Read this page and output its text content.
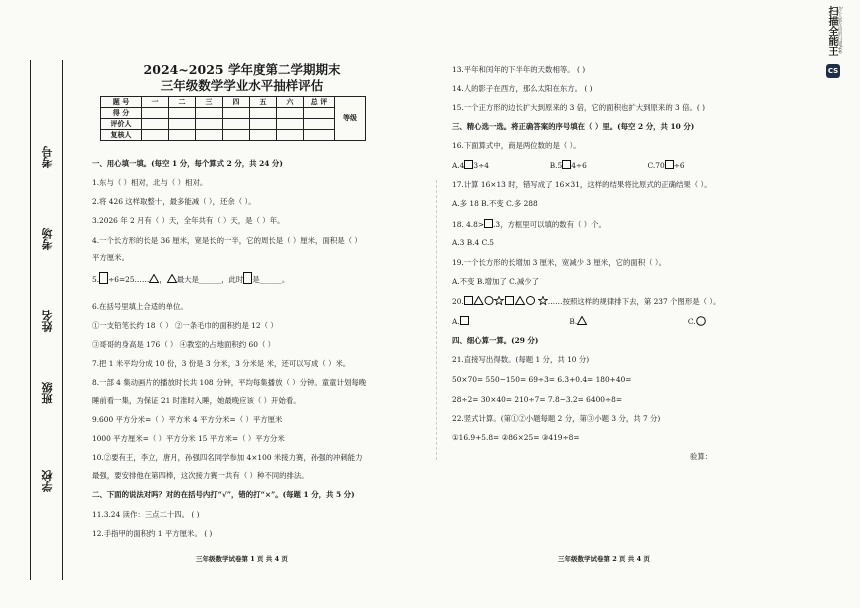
考号
考场
姓名
班级
学校
2024~2025 学年度第二学期期末
三年级数学学业水平抽样评估
题 号	一	二	三	四	五	六	总 评	等级
得 分								
评价人								
复核人								
一、用心填一填。(每空 1 分，每个算式 2 分，共 24 分)
1.东与（ ）相对，北与（ ）相对。
2.将 426 这样取整十，最多能减（ ），还余（ ）。
3.2026 年 2 月有（ ）天，全年共有（ ）天，是（ ）年。
4.一个长方形的长是 36 厘米，宽是长的一半，它的周长是（ ）厘米，面积是（ ）
平方厘米。
5. ÷6=25…… ， 最大是______，此时 是______。
6.在括号里填上合适的单位。
①一支铅笔长约 18（ ） ②一条毛巾的面积约是 12（ ）
③哥哥的身高是 176（ ） ④教室的占地面积约 60（ ）
7.把 1 米平均分成 10 份，3 份是 3 分米，3 分米是 米，还可以写成（ ）米。
8.一部 4 集动画片的播放时长共 108 分钟，平均每集播放（ ）分钟。童童计划每晚
睡前看一集，为保证 21 时准时入睡，她最晚应该（ ）开始看。
9.600 平方分米=（ ）平方米 4 平方分米=（ ）平方厘米
1000 平方厘米=（ ）平方分米 15 平方米=（ ）平方分米
10.②要有王，李立，唐月，孙强四名同学参加 4×100 米接力赛，孙强的冲刺能力
最强，要安排他在第四棒，这次接力赛一共有（ ）种不同的排法。
二、下面的说法对吗？对的在括号内打“√”，错的打“×”。(每题 1 分，共 5 分)
11.3.24 读作：三点二十四。 ( )
12.手指甲的面积约 1 平方厘米。 ( )
三年级数学试卷第 1 页 共 4 页
13.平年和闰年的下半年的天数相等。 ( )
14.人的影子在西方，那么太阳在东方。 ( )
15.一个正方形的边长扩大到原来的 3 倍，它的面积也扩大到原来的 3 倍。( )
三、精心选一选。将正确答案的序号填在（ ）里。(每空 2 分，共 10 分)
16.下面算式中，商是两位数的是（ ）。
A.4 3÷4	B.5 4÷6	C.70 ÷6
17.计算 16×13 时，错写成了 16×31，这样的结果将比原式的正确结果（ ）。
A.多 18 B.不变 C.多 288
18. 4.8> .3，方框里可以填的数有（ ）个。
A.3 B.4 C.5
19.一个长方形的长增加 3 厘米，宽减少 3 厘米，它的面积（ ）。
A.不变 B.增加了 C.减少了
20.	……按照这样的规律排下去，第 237 个图形是（ ）。
A.	B.	C.
四、细心算一算。(29 分)
21.直接写出得数。(每题 1 分，共 10 分)
50×70= 550−150= 69÷3= 6.3+0.4= 180+40=
28÷2= 30×40= 210÷7= 7.8−3.2= 6400÷8=
22.竖式计算。(第①②小题每题 2 分，第③小题 3 分，共 7 分)
①16.9+5.8= ②86×25= ③419÷8=
验算：
三年级数学试卷第 2 页 共 4 页
扫描全能王 3亿人都在用的扫描App
CS
